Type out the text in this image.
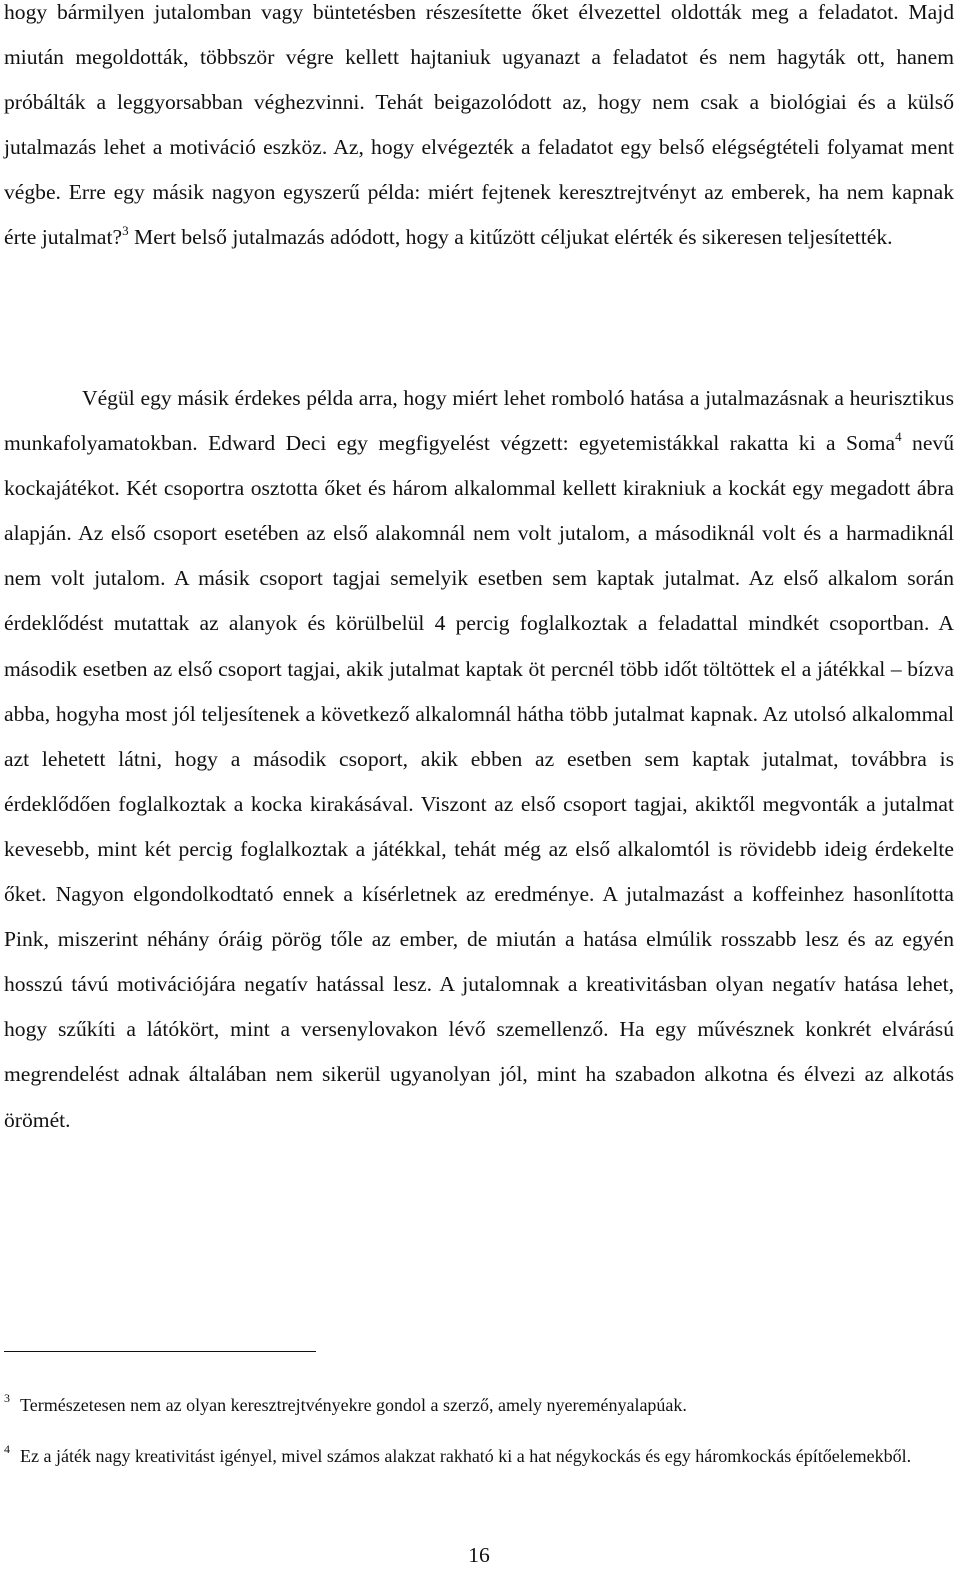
hogy bármilyen jutalomban vagy büntetésben részesítette őket élvezettel oldották meg a feladatot. Majd miután megoldották, többször végre kellett hajtaniuk ugyanazt a feladatot és nem hagyták ott, hanem próbálták a leggyorsabban véghezvinni. Tehát beigazolódott az, hogy nem csak a biológiai és a külső jutalmazás lehet a motiváció eszköz. Az, hogy elvégezték a feladatot egy belső elégségtételi folyamat ment végbe. Erre egy másik nagyon egyszerű példa: miért fejtenek keresztrejtvényt az emberek, ha nem kapnak érte jutalmat?$^3$ Mert belső jutalmazás adódott, hogy a kitűzött céljukat elérték és sikeresen teljesítették.

Végül egy másik érdekes példa arra, hogy miért lehet romboló hatása a jutalmazásnak a heurisztikus munkafolyamatokban. Edward Deci egy megfigyelést végzett: egyetemistákkal rakatta ki a Soma$^4$ nevű kockajátékot. Két csoportra osztotta őket és három alkalommal kellett kirakniuk a kockát egy megadott ábra alapján. Az első csoport esetében az első alakomnál nem volt jutalom, a másodiknál volt és a harmadiknál nem volt jutalom. A másik csoport tagjai semelyik esetben sem kaptak jutalmat. Az első alkalom során érdeklődést mutattak az alanyok és körülbelül 4 percig foglalkoztak a feladattal mindkét csoportban. A második esetben az első csoport tagjai, akik jutalmat kaptak öt percnél több időt töltöttek el a játékkal – bízva abba, hogyha most jól teljesítenek a következő alkalomnál hátha több jutalmat kapnak. Az utolsó alkalommal azt lehetett látni, hogy a második csoport, akik ebben az esetben sem kaptak jutalmat, továbbra is érdeklődően foglalkoztak a kocka kirakásával. Viszont az első csoport tagjai, akiktől megvonták a jutalmat kevesebb, mint két percig foglalkoztak a játékkal, tehát még az első alkalomtól is rövidebb ideig érdekelte őket. Nagyon elgondolkodtató ennek a kísérletnek az eredménye. A jutalmazást a koffeinhez hasonlította Pink, miszerint néhány óráig pörög tőle az ember, de miután a hatása elmúlik rosszabb lesz és az egyén hosszú távú motivációjára negatív hatással lesz. A jutalomnak a kreativitásban olyan negatív hatása lehet, hogy szűkíti a látókört, mint a versenylovakon lévő szemellenző. Ha egy művésznek konkrét elvárású megrendelést adnak általában nem sikerül ugyanolyan jól, mint ha szabadon alkotna és élvezi az alkotás örömét.

$^3$ Természetesen nem az olyan keresztrejtvényekre gondol a szerző, amely nyereményalapúak.

$^4$ Ez a játék nagy kreativitást igényel, mivel számos alakzat rakható ki a hat négykockás és egy háromkockás építőelemekből.

16
